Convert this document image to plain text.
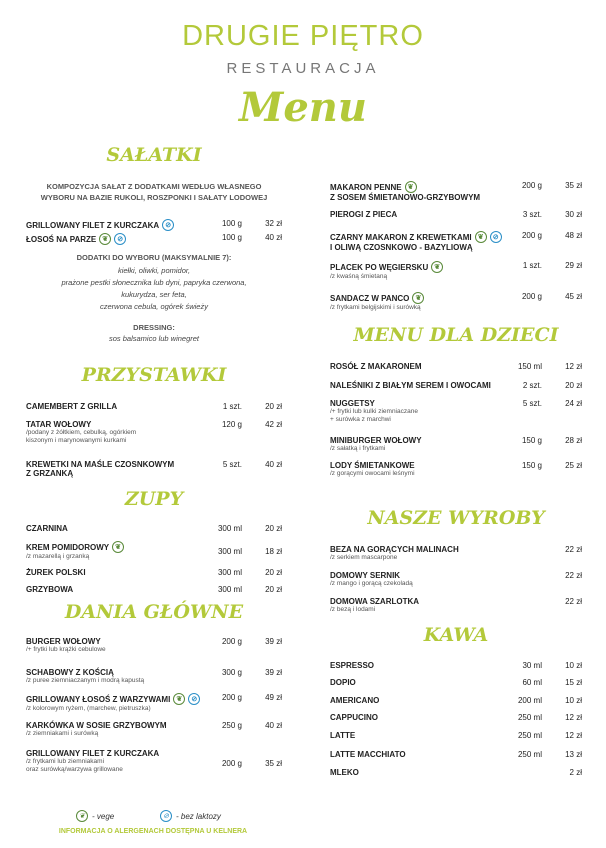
DRUGIE PIĘTRO
RESTAURACJA
Menu
SAŁATKI
KOMPOZYCJA SAŁAT Z DODATKAMI WEDŁUG WŁASNEGO
WYBORU NA BAZIE RUKOLI, ROSZPONKI I SAŁATY LODOWEJ
DODATKI DO WYBORU (MAKSYMALNIE 7):
kiełki, oliwki, pomidor,
prażone pestki słonecznika lub dyni, papryka czerwona,
kukurydza, ser feta,
czerwona cebula, ogórek świeży
DRESSING:
sos balsamico lub winegret
PRZYSTAWKI
ZUPY
DANIA GŁÓWNE
GRILLOWANY FILET Z KURCZAKA ⊘	100 g	32 zł
ŁOSOŚ NA PARZE ❦	⊘	100 g	40 zł
CAMEMBERT Z GRILLA	1 szt.	20 zł
TATAR WOŁOWY
/podany z żółtkiem, cebulką, ogórkiem
kiszonym i marynowanymi kurkami
120 g	42 zł
KREWETKI NA MAŚLE CZOSNKOWYM
Z GRZANKĄ
5 szt.	40 zł
CZARNINA	300 ml	20 zł
KREM POMIDOROWY ❦
/z mazarellą i grzanką
300 ml	18 zł
ŻUREK POLSKI	300 ml	20 zł
GRZYBOWA	300 ml	20 zł
BURGER WOŁOWY
/+ frytki lub krążki cebulowe
200 g	39 zł
SCHABOWY Z KOŚCIĄ
/z puree ziemniaczanym i modrą kapustą
300 g	39 zł
GRILLOWANY ŁOSOŚ Z WARZYWAMI ❦	⊘
/z kolorowym ryżem, (marchew, pietruszka)
200 g	49 zł
KARKÓWKA W SOSIE GRZYBOWYM
/z ziemniakami i surówką
250 g	40 zł
GRILLOWANY FILET Z KURCZAKA
/z frytkami lub ziemniakami
oraz surówką/warzywa grillowane
200 g	35 zł
MENU DLA DZIECI
NASZE WYROBY
KAWA
MAKARON PENNE ❦
Z SOSEM ŚMIETANOWO-GRZYBOWYM
200 g	35 zł
PIEROGI Z PIECA	3 szt.	30 zł
CZARNY MAKARON Z KREWETKAMI ❦	⊘
I OLIWĄ CZOSNKOWO - BAZYLIOWĄ
200 g	48 zł
PLACEK PO WĘGIERSKU ❦
/z kwaśną śmietaną
1 szt.	29 zł
SANDACZ W PANCO ❦
/z frytkami belgijskimi i surówką
200 g	45 zł
ROSÓŁ Z MAKARONEM	150 ml	12 zł
NALEŚNIKI Z BIAŁYM SEREM I OWOCAMI	2 szt.	20 zł
NUGGETSY
/+ frytki lub kulki ziemniaczane
+ surówka z marchwi
5 szt.	24 zł
MINIBURGER WOŁOWY
/z sałatką i frytkami
150 g	28 zł
LODY ŚMIETANKOWE
/z gorącymi owocami leśnymi
150 g	25 zł
BEZA NA GORĄCYCH MALINACH
/z serkiem mascarpone
22 zł
DOMOWY SERNIK
/z mango i gorącą czekoladą
22 zł
DOMOWA SZARLOTKA
/z bezą i lodami
22 zł
ESPRESSO	30 ml	10 zł
DOPIO	60 ml	15 zł
AMERICANO	200 ml	10 zł
CAPPUCINO	250 ml	12 zł
LATTE	250 ml	12 zł
LATTE MACCHIATO	250 ml	13 zł
MLEKO	2 zł
❦ - vege	⊘ - bez laktozy
INFORMACJA O ALERGENACH DOSTĘPNA U KELNERA
